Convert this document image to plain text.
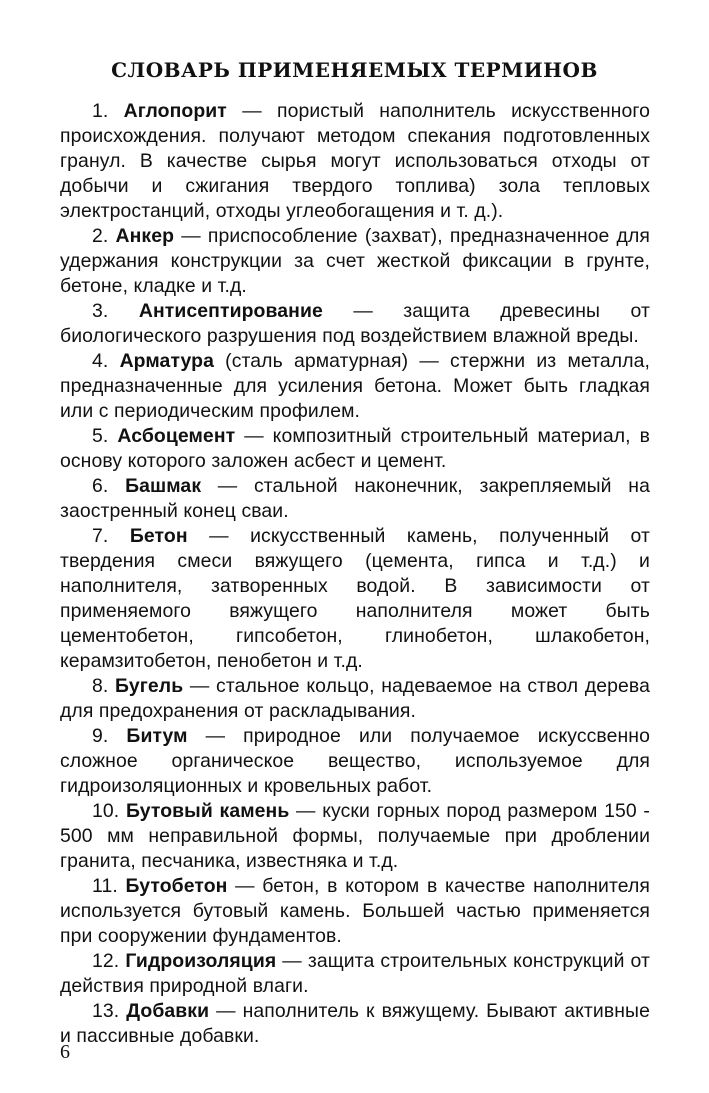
СЛОВАРЬ ПРИМЕНЯЕМЫХ ТЕРМИНОВ

1. Аглопорит — пористый наполнитель искусственного происхождения. получают методом спекания подготовленных гранул. В качестве сырья могут использоваться отходы от добычи и сжигания твердого топлива) зола тепловых электростанций, отходы углеобогащения и т. д.).

2. Анкер — приспособление (захват), предназначенное для удержания конструкции за счет жесткой фиксации в грунте, бетоне, кладке и т.д.

3. Антисептирование — защита древесины от биологического разрушения под воздействием влажной вреды.

4. Арматура (сталь арматурная) — стержни из металла, предназначенные для усиления бетона. Может быть гладкая или с периодическим профилем.

5. Асбоцемент — композитный строительный материал, в основу которого заложен асбест и цемент.

6. Башмак — стальной наконечник, закрепляемый на заостренный конец сваи.

7. Бетон — искусственный камень, полученный от твердения смеси вяжущего (цемента, гипса и т.д.) и наполнителя, затворенных водой. В зависимости от применяемого вяжущего наполнителя может быть цементобетон, гипсобетон, глинобетон, шлакобетон, керамзитобетон, пенобетон и т.д.

8. Бугель — стальное кольцо, надеваемое на ствол дерева для предохранения от раскладывания.

9. Битум — природное или получаемое искуссвенно сложное органическое вещество, используемое для гидроизоляционных и кровельных работ.

10. Бутовый камень — куски горных пород размером 150 - 500 мм неправильной формы, получаемые при дроблении гранита, песчаника, известняка и т.д.

11. Бутобетон — бетон, в котором в качестве наполнителя используется бутовый камень. Большей частью применяется при сооружении фундаментов.

12. Гидроизоляция — защита строительных конструкций от действия природной влаги.

13. Добавки — наполнитель к вяжущему. Бывают активные и пассивные добавки.

6
